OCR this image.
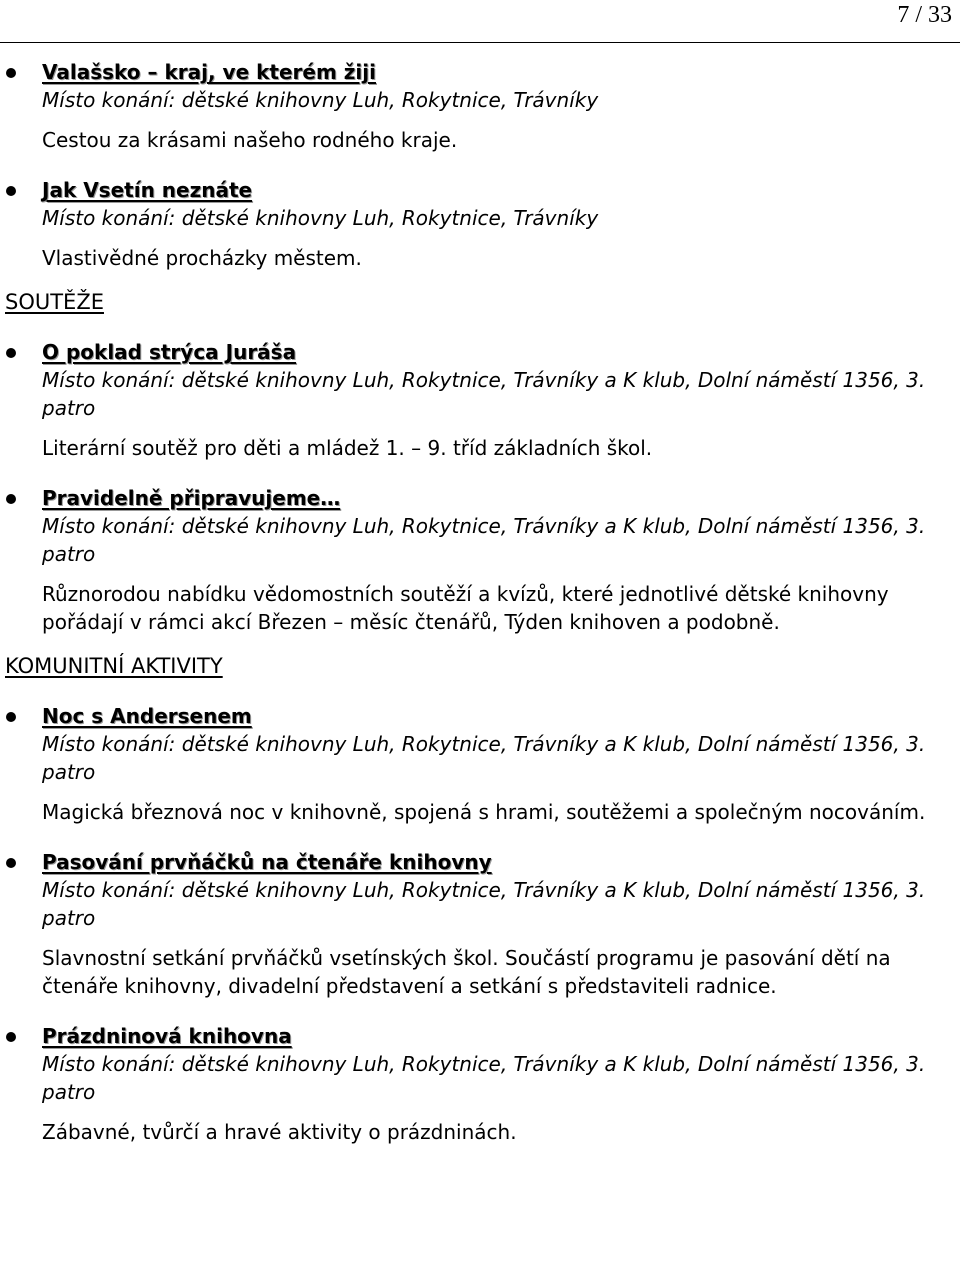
7 / 33
Valašsko – kraj, ve kterém žiji
Místo konání: dětské knihovny Luh, Rokytnice, Trávníky
Cestou za krásami našeho rodného kraje.
Jak Vsetín neznáte
Místo konání: dětské knihovny Luh, Rokytnice, Trávníky
Vlastivědné procházky městem.
SOUTĚŽE
O poklad strýca Juráša
Místo konání: dětské knihovny Luh, Rokytnice, Trávníky a K klub, Dolní náměstí 1356, 3. patro
Literární soutěž pro děti a mládež 1. – 9. tříd základních škol.
Pravidelně připravujeme…
Místo konání: dětské knihovny Luh, Rokytnice, Trávníky a K klub, Dolní náměstí 1356, 3. patro
Různorodou nabídku vědomostních soutěží a kvízů, které jednotlivé dětské knihovny pořádají v rámci akcí Březen – měsíc čtenářů, Týden knihoven a podobně.
KOMUNITNÍ AKTIVITY
Noc s Andersenem
Místo konání: dětské knihovny Luh, Rokytnice, Trávníky a K klub, Dolní náměstí 1356, 3. patro
Magická březnová noc v knihovně, spojená s hrami, soutěžemi a společným nocováním.
Pasování prvňáčků na čtenáře knihovny
Místo konání: dětské knihovny Luh, Rokytnice, Trávníky a K klub, Dolní náměstí 1356, 3. patro
Slavnostní setkání prvňáčků vsetínských škol. Součástí programu je pasování dětí na čtenáře knihovny, divadelní představení a setkání s představiteli radnice.
Prázdninová knihovna
Místo konání: dětské knihovny Luh, Rokytnice, Trávníky a K klub, Dolní náměstí 1356, 3. patro
Zábavné, tvůrčí a hravé aktivity o prázdninách.
